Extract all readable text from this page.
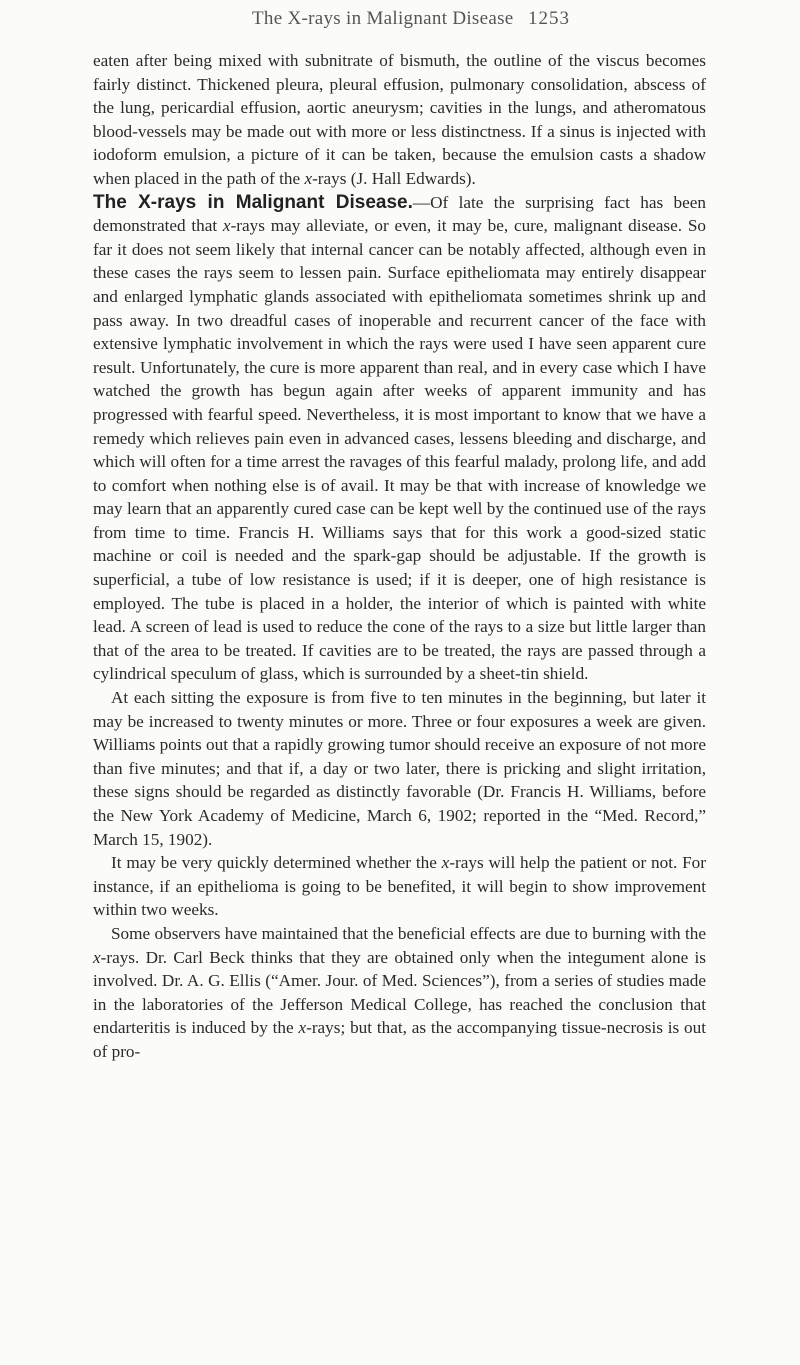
The X-rays in Malignant Disease 1253

eaten after being mixed with subnitrate of bismuth, the outline of the viscus becomes fairly distinct. Thickened pleura, pleural effusion, pulmonary consolidation, abscess of the lung, pericardial effusion, aortic aneurysm; cavities in the lungs, and atheromatous blood-vessels may be made out with more or less distinctness. If a sinus is injected with iodoform emulsion, a picture of it can be taken, because the emulsion casts a shadow when placed in the path of the x-rays (J. Hall Edwards).

The X-rays in Malignant Disease.—Of late the surprising fact has been demonstrated that x-rays may alleviate, or even, it may be, cure, malignant disease. So far it does not seem likely that internal cancer can be notably affected, although even in these cases the rays seem to lessen pain. Surface epitheliomata may entirely disappear and enlarged lymphatic glands associated with epitheliomata sometimes shrink up and pass away. In two dreadful cases of inoperable and recurrent cancer of the face with extensive lymphatic involvement in which the rays were used I have seen apparent cure result. Unfortunately, the cure is more apparent than real, and in every case which I have watched the growth has begun again after weeks of apparent immunity and has progressed with fearful speed. Nevertheless, it is most important to know that we have a remedy which relieves pain even in advanced cases, lessens bleeding and discharge, and which will often for a time arrest the ravages of this fearful malady, prolong life, and add to comfort when nothing else is of avail. It may be that with increase of knowledge we may learn that an apparently cured case can be kept well by the continued use of the rays from time to time. Francis H. Williams says that for this work a good-sized static machine or coil is needed and the spark-gap should be adjustable. If the growth is superficial, a tube of low resistance is used; if it is deeper, one of high resistance is employed. The tube is placed in a holder, the interior of which is painted with white lead. A screen of lead is used to reduce the cone of the rays to a size but little larger than that of the area to be treated. If cavities are to be treated, the rays are passed through a cylindrical speculum of glass, which is surrounded by a sheet-tin shield.

At each sitting the exposure is from five to ten minutes in the beginning, but later it may be increased to twenty minutes or more. Three or four exposures a week are given. Williams points out that a rapidly growing tumor should receive an exposure of not more than five minutes; and that if, a day or two later, there is pricking and slight irritation, these signs should be regarded as distinctly favorable (Dr. Francis H. Williams, before the New York Academy of Medicine, March 6, 1902; reported in the “Med. Record,” March 15, 1902).

It may be very quickly determined whether the x-rays will help the patient or not. For instance, if an epithelioma is going to be benefited, it will begin to show improvement within two weeks.

Some observers have maintained that the beneficial effects are due to burning with the x-rays. Dr. Carl Beck thinks that they are obtained only when the integument alone is involved. Dr. A. G. Ellis (“Amer. Jour. of Med. Sciences”), from a series of studies made in the laboratories of the Jefferson Medical College, has reached the conclusion that endarteritis is induced by the x-rays; but that, as the accompanying tissue-necrosis is out of pro-
